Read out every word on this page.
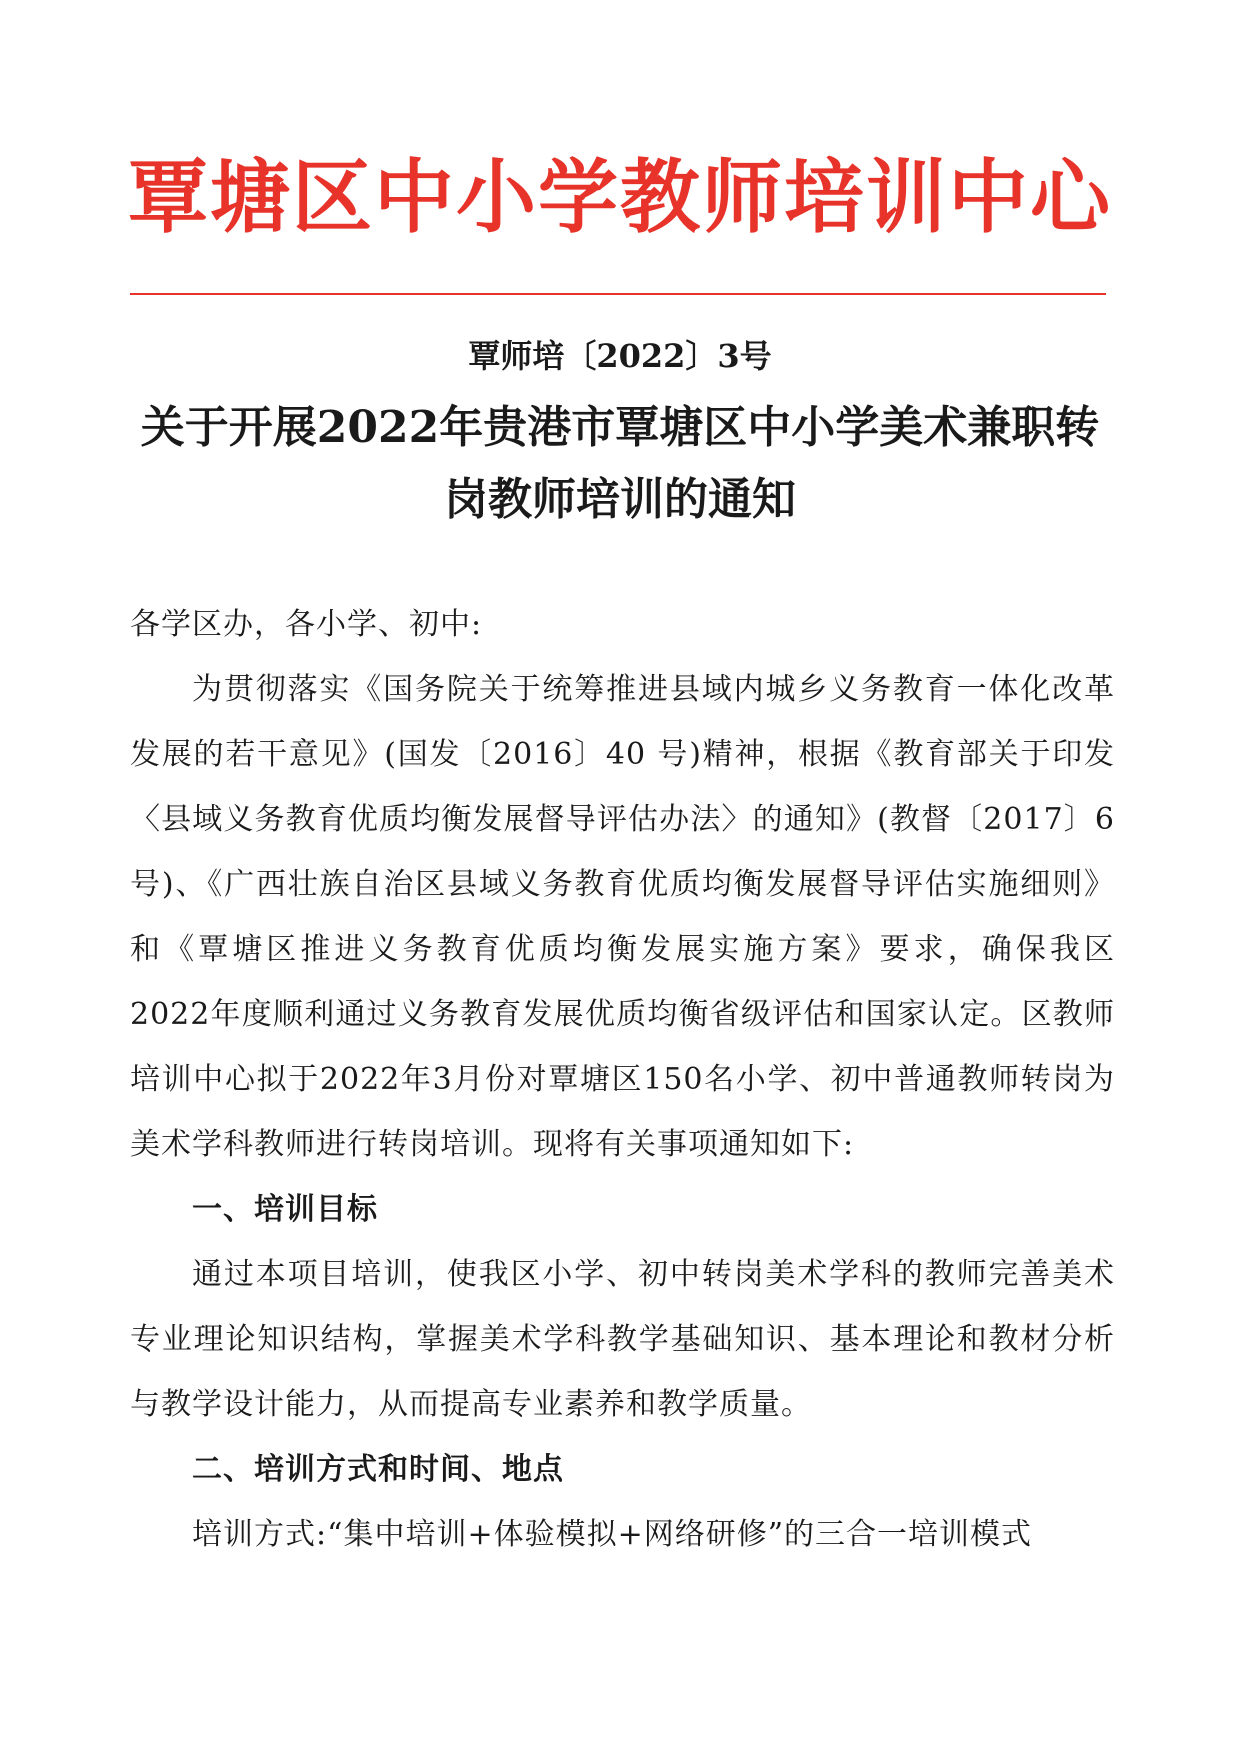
覃塘区中小学教师培训中心
覃师培〔2022〕3号
关于开展2022年贵港市覃塘区中小学美术兼职转岗教师培训的通知

各学区办，各小学、初中:

为贯彻落实《国务院关于统筹推进县域内城乡义务教育一体化改革发展的若干意见》(国发〔2016〕40 号)精神，根据《教育部关于印发〈县域义务教育优质均衡发展督导评估办法〉的通知》(教督〔2017〕6号)、《广西壮族自治区县域义务教育优质均衡发展督导评估实施细则》和《覃塘区推进义务教育优质均衡发展实施方案》要求，确保我区 2022年度顺利通过义务教育发展优质均衡省级评估和国家认定。区教师培训中心拟于2022年3月份对覃塘区150名小学、初中普通教师转岗为美术学科教师进行转岗培训。现将有关事项通知如下:

一、培训目标

通过本项目培训，使我区小学、初中转岗美术学科的教师完善美术专业理论知识结构，掌握美术学科教学基础知识、基本理论和教材分析与教学设计能力，从而提高专业素养和教学质量。

二、培训方式和时间、地点

培训方式:“集中培训+体验模拟+网络研修”的三合一培训模式
